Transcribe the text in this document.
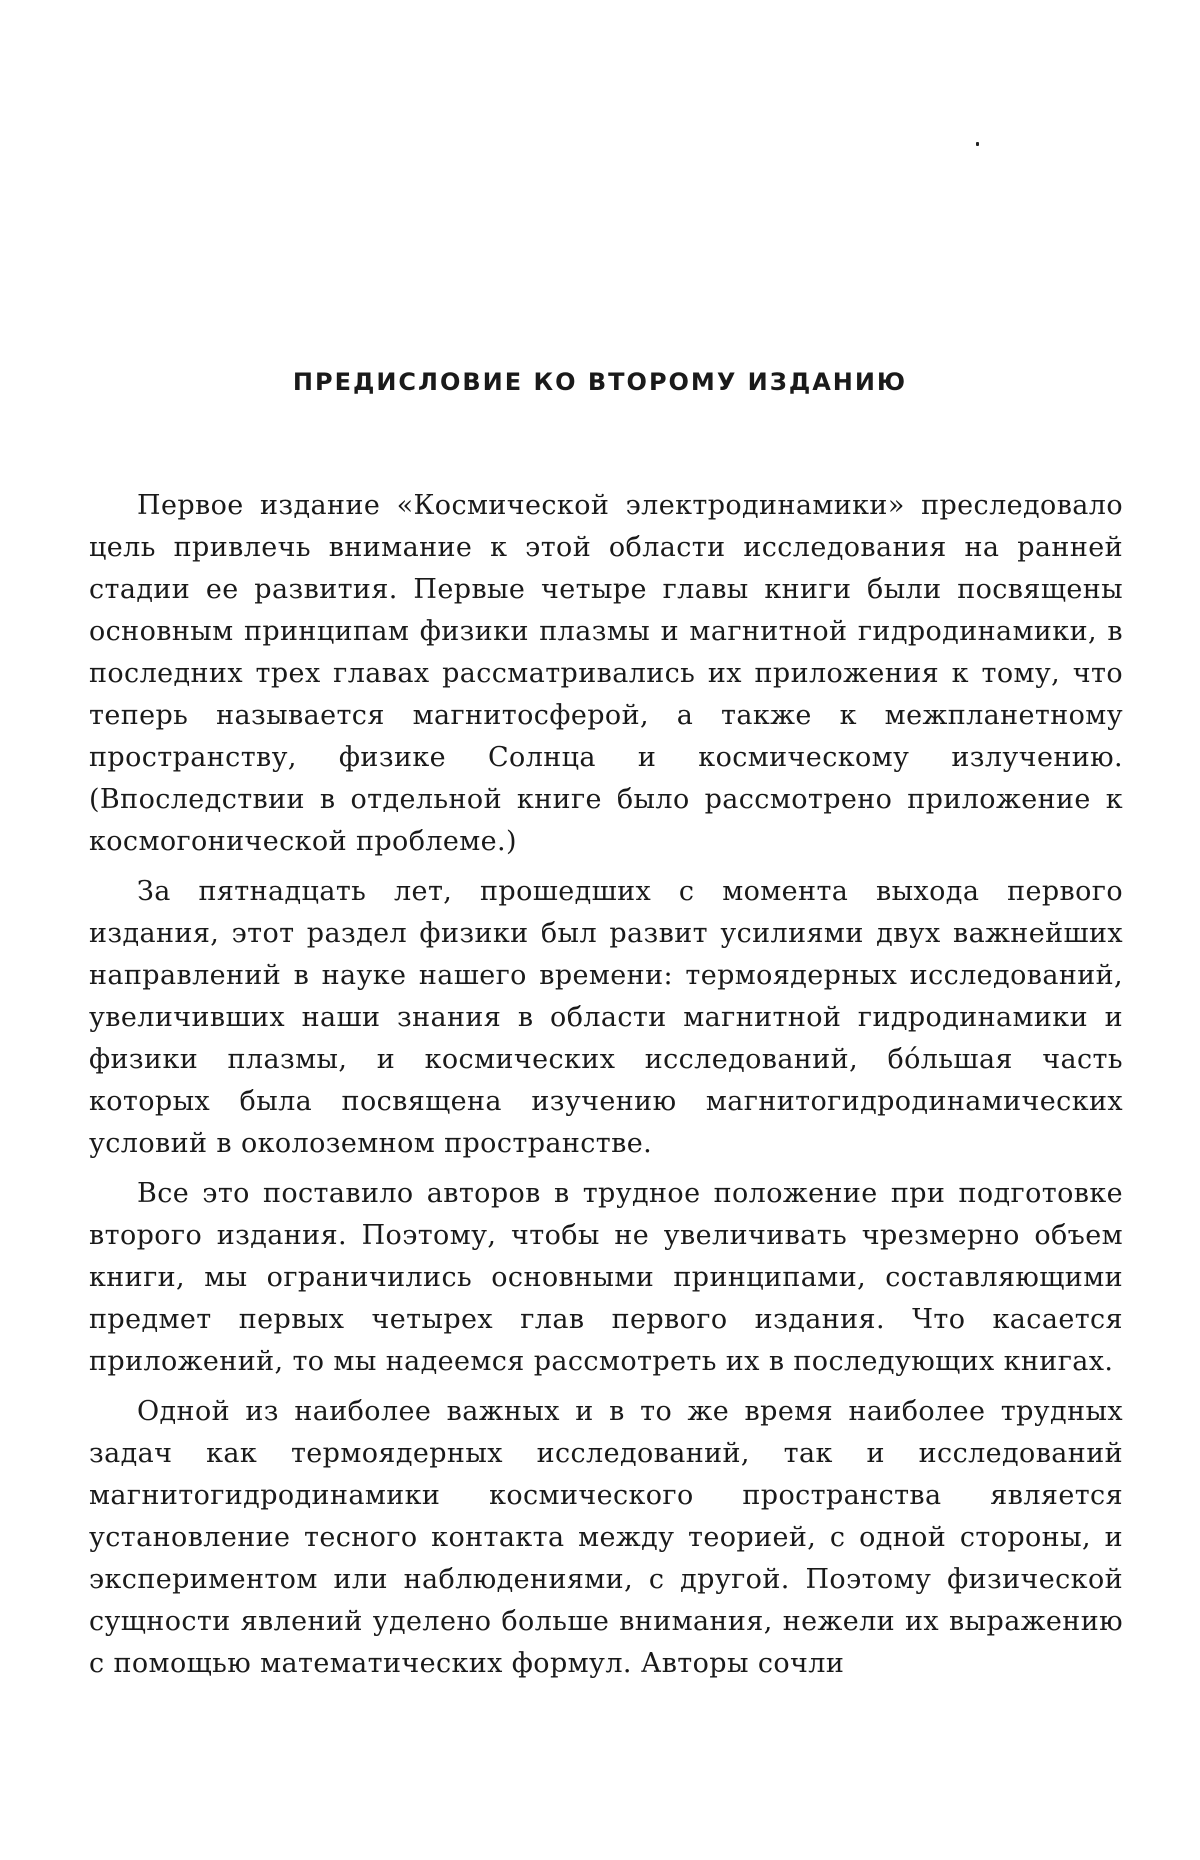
ПРЕДИСЛОВИЕ КО ВТОРОМУ ИЗДАНИЮ

Первое издание «Космической электродинамики» преследовало цель привлечь внимание к этой области исследования на ранней стадии ее развития. Первые четыре главы книги были посвящены основным принципам физики плазмы и магнитной гидродинамики, в последних трех главах рассматривались их приложения к тому, что теперь называется магнитосферой, а также к межпланетному пространству, физике Солнца и космическому излучению. (Впоследствии в отдельной книге было рассмотрено приложение к космогонической проблеме.)

За пятнадцать лет, прошедших с момента выхода первого издания, этот раздел физики был развит усилиями двух важнейших направлений в науке нашего времени: термоядерных исследований, увеличивших наши знания в области магнитной гидродинамики и физики плазмы, и космических исследований, бóльшая часть которых была посвящена изучению магнитогидродинамических условий в околоземном пространстве.

Все это поставило авторов в трудное положение при подготовке второго издания. Поэтому, чтобы не увеличивать чрезмерно объем книги, мы ограничились основными принципами, составляющими предмет первых четырех глав первого издания. Что касается приложений, то мы надеемся рассмотреть их в последующих книгах.

Одной из наиболее важных и в то же время наиболее трудных задач как термоядерных исследований, так и исследований магнитогидродинамики космического пространства является установление тесного контакта между теорией, с одной стороны, и экспериментом или наблюдениями, с другой. Поэтому физической сущности явлений уделено больше внимания, нежели их выражению с помощью математических формул. Авторы сочли
